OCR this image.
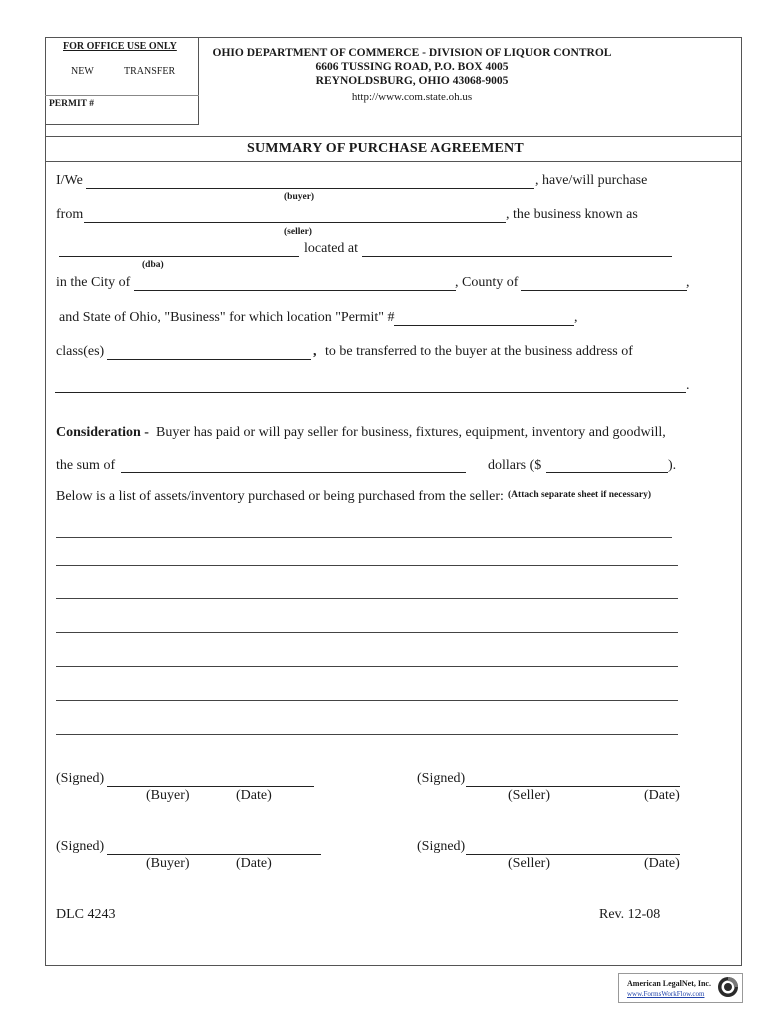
FOR OFFICE USE ONLY
NEW	TRANSFER
PERMIT #
OHIO DEPARTMENT OF COMMERCE - DIVISION OF LIQUOR CONTROL
6606 TUSSING ROAD, P.O. BOX 4005
REYNOLDSBURG, OHIO 43068-9005
http://www.com.state.oh.us
SUMMARY OF PURCHASE AGREEMENT
I/We	, have/will purchase
(buyer)
from	, the business known as
(seller)
located at
(dba)
in the City of	, County of	,
and State of Ohio, "Business" for which location "Permit" #	,
class(es)	, to be transferred to the buyer at the business address of
.
Consideration - Buyer has paid or will pay seller for business, fixtures, equipment, inventory and goodwill,
the sum of	dollars ($	).
Below is a list of assets/inventory purchased or being purchased from the seller: (Attach separate sheet if necessary)
(Signed)
(Buyer)	(Date)
(Signed)
(Seller)	(Date)
(Signed)
(Buyer)	(Date)
(Signed)
(Seller)	(Date)
DLC 4243	Rev. 12-08
American LegalNet, Inc.
www.FormsWorkFlow.com
